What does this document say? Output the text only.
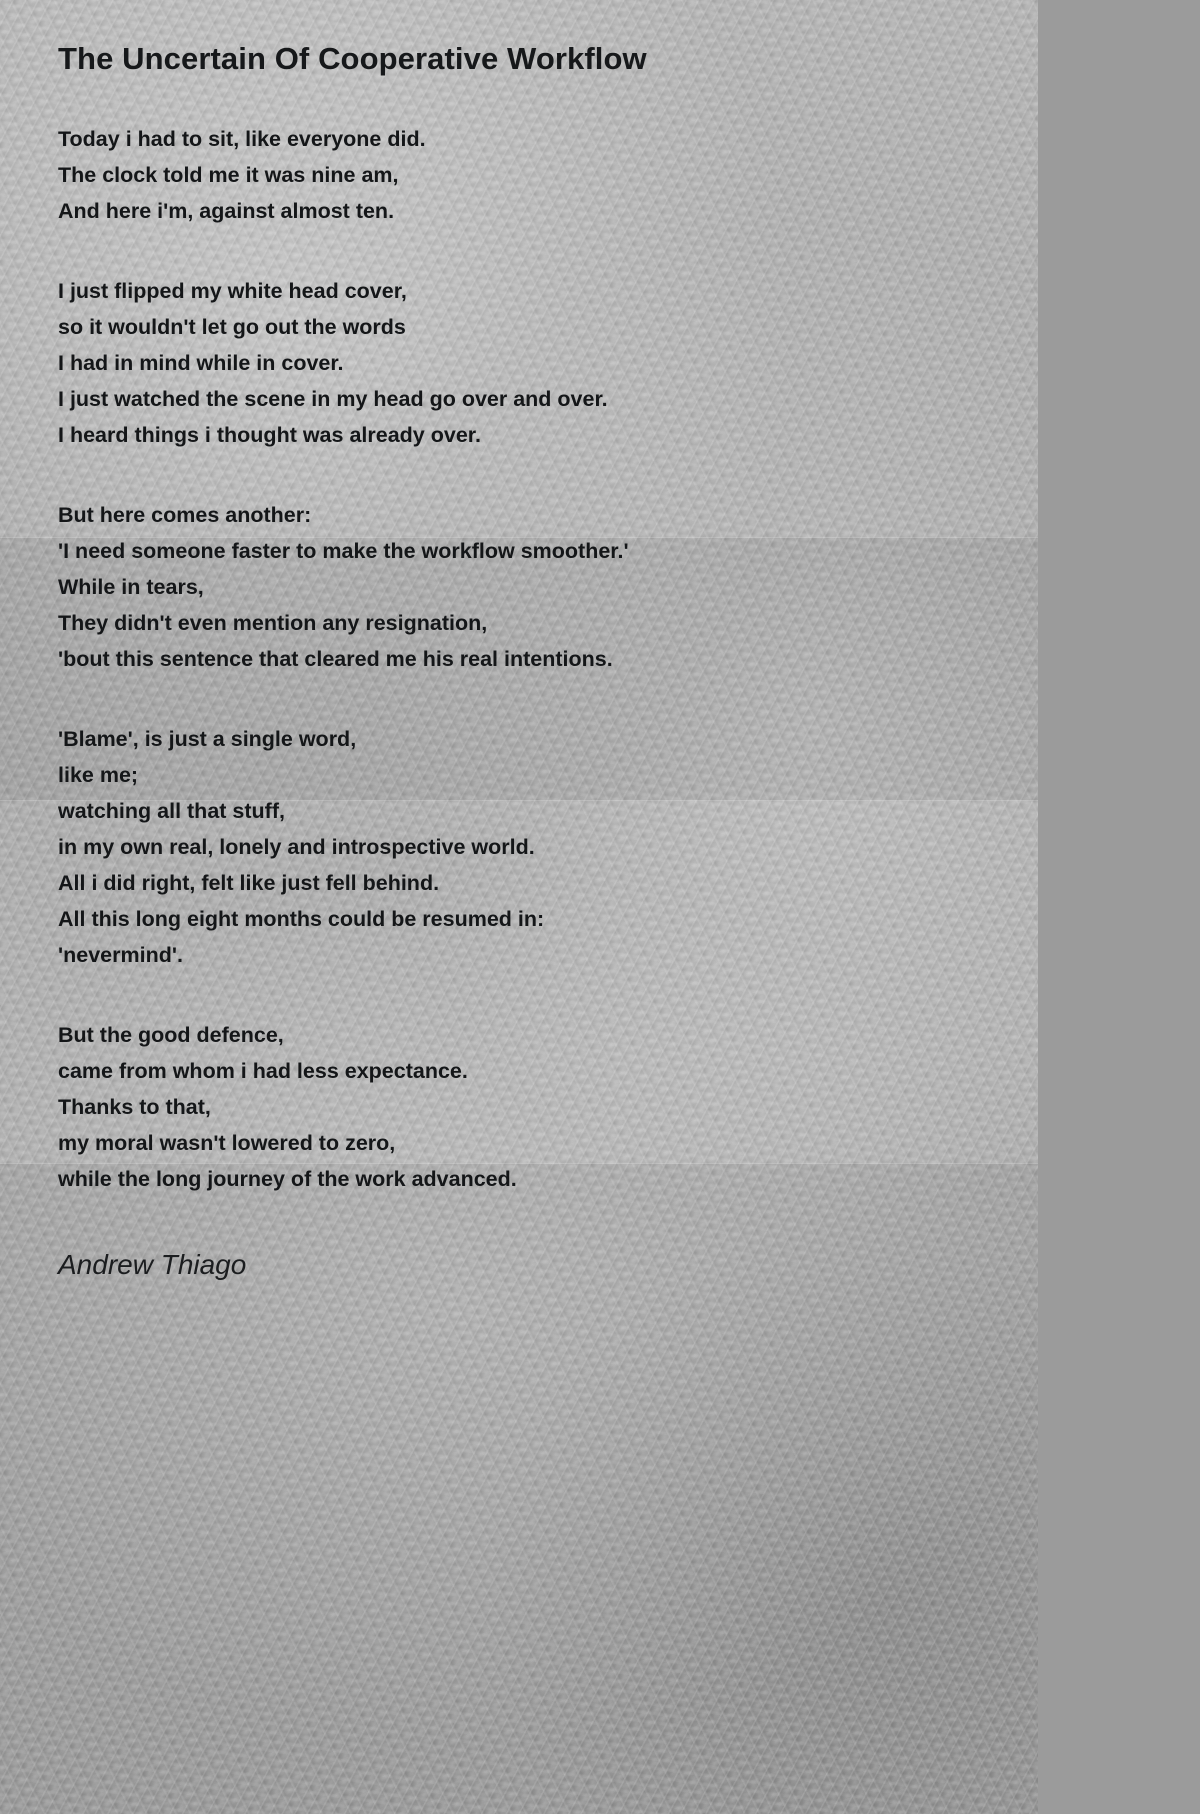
The Uncertain Of Cooperative Workflow
Today i had to sit, like everyone did.
The clock told me it was nine am,
And here i'm, against almost ten.
I just flipped my white head cover,
so it wouldn't let go out the words
I had in mind while in cover.
I just watched the scene in my head go over and over.
I heard things i thought was already over.
But here comes another:
'I need someone faster to make the workflow smoother.'
While in tears,
They didn't even mention any resignation,
'bout this sentence that cleared me his real intentions.
'Blame', is just a single word,
like me;
watching all that stuff,
in my own real, lonely and introspective world.
All i did right, felt like just fell behind.
All this long eight months could be resumed in:
'nevermind'.
But the good defence,
came from whom i had less expectance.
Thanks to that,
my moral wasn't lowered to zero,
while the long journey of the work advanced.
Andrew Thiago
